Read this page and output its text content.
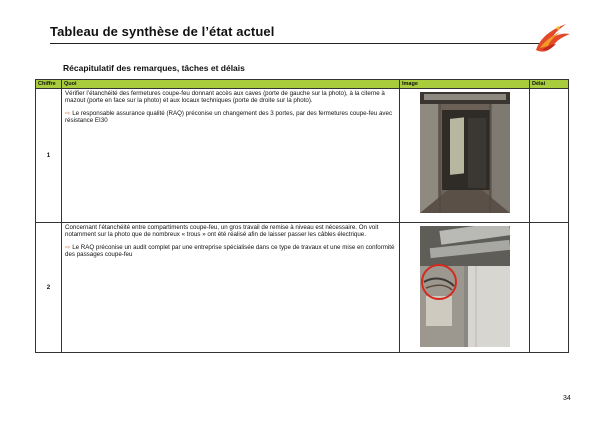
Tableau de synthèse de l’état actuel
Récapitulatif des remarques, tâches et délais
Chiffre	Quoi	Image	Délai
1	Vérifier l’étanchéité des fermetures coupe-feu donnant accès aux caves (porte de gauche sur la photo), à la citerne à mazout (porte en face sur la photo) et aux locaux techniques (porte de droite sur la photo).
⇨ Le responsable assurance qualité (RAQ) préconise un changement des 3 portes, par des fermetures coupe-feu avec résistance EI30

2	Concernant l’étanchéité entre compartiments coupe-feu, un gros travail de remise à niveau est nécessaire. On voit notamment sur la photo que de nombreux « trous » ont été réalisé afin de laisser passer les câbles électrique.
⇨ Le RAQ préconise un audit complet par une entreprise spécialisée dans ce type de travaux et une mise en conformité des passages coupe-feu

34
